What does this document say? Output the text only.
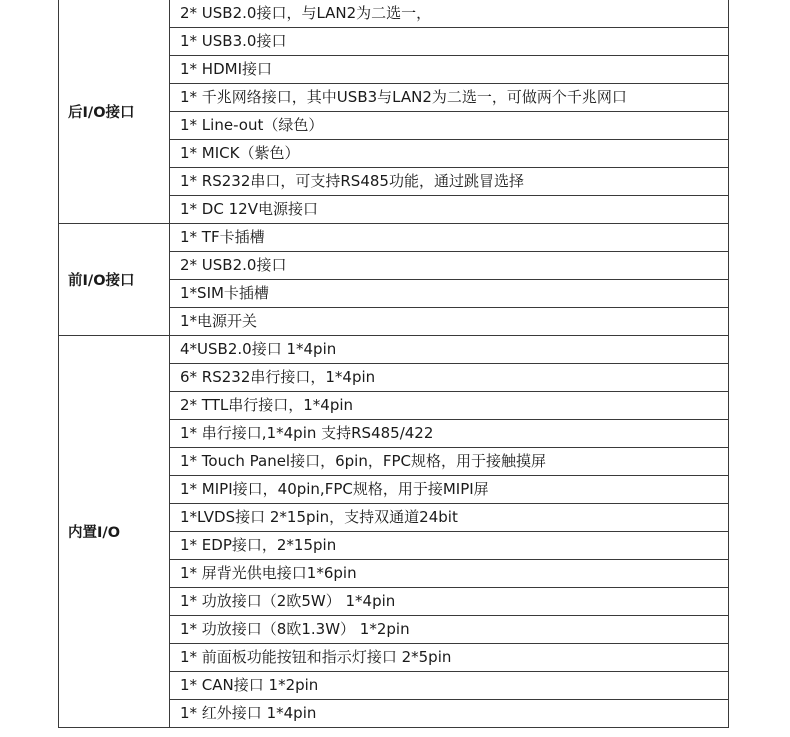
后I/O接口	2* USB2.0接口，与LAN2为二选一，
	1* USB3.0接口
	1* HDMI接口
	1* 千兆网络接口，其中USB3与LAN2为二选一，可做两个千兆网口
	1* Line-out（绿色）
	1* MICK（紫色）
	1* RS232串口，可支持RS485功能，通过跳冒选择
	1* DC 12V电源接口
前I/O接口	1* TF卡插槽
	2* USB2.0接口
	1*SIM卡插槽
	1*电源开关
内置I/O	4*USB2.0接口 1*4pin
	6* RS232串行接口，1*4pin
	2* TTL串行接口，1*4pin
	1* 串行接口,1*4pin 支持RS485/422
	1* Touch Panel接口，6pin，FPC规格，用于接触摸屏
	1* MIPI接口，40pin,FPC规格，用于接MIPI屏
	1*LVDS接口 2*15pin，支持双通道24bit
	1* EDP接口，2*15pin
	1* 屏背光供电接口1*6pin
	1* 功放接口（2欧5W） 1*4pin
	1* 功放接口（8欧1.3W） 1*2pin
	1* 前面板功能按钮和指示灯接口 2*5pin
	1* CAN接口 1*2pin
	1* 红外接口 1*4pin
